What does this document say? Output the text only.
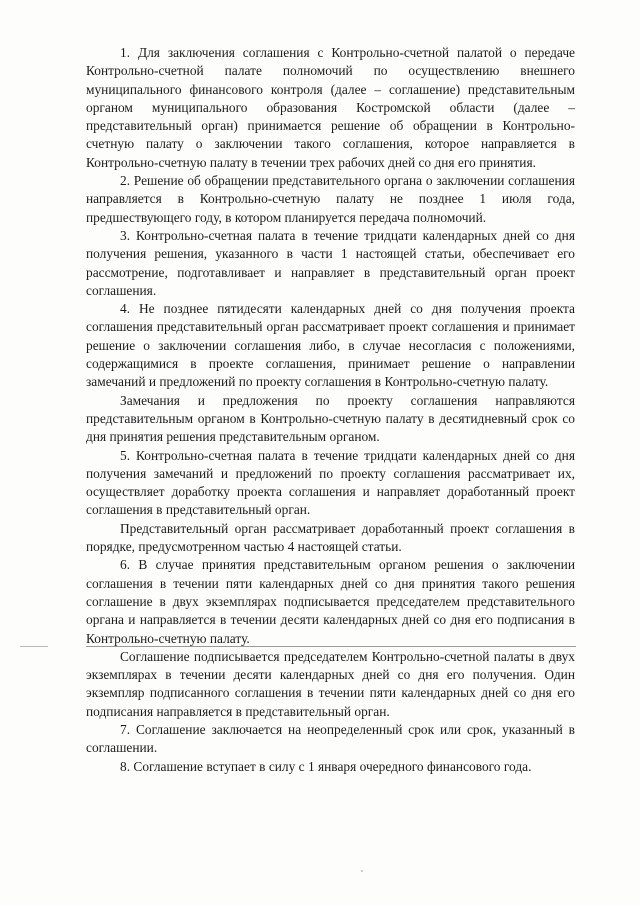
1. Для заключения соглашения с Контрольно-счетной палатой о передаче Контрольно-счетной палате полномочий по осуществлению внешнего муниципального финансового контроля (далее – соглашение) представительным органом муниципального образования Костромской области (далее – представительный орган) принимается решение об обращении в Контрольно-счетную палату о заключении такого соглашения, которое направляется в Контрольно-счетную палату в течении трех рабочих дней со дня его принятия.

2. Решение об обращении представительного органа о заключении соглашения направляется в Контрольно-счетную палату не позднее 1 июля года, предшествующего году, в котором планируется передача полномочий.

3. Контрольно-счетная палата в течение тридцати календарных дней со дня получения решения, указанного в части 1 настоящей статьи, обеспечивает его рассмотрение, подготавливает и направляет в представительный орган проект соглашения.

4. Не позднее пятидесяти календарных дней со дня получения проекта соглашения представительный орган рассматривает проект соглашения и принимает решение о заключении соглашения либо, в случае несогласия с положениями, содержащимися в проекте соглашения, принимает решение о направлении замечаний и предложений по проекту соглашения в Контрольно-счетную палату.

Замечания и предложения по проекту соглашения направляются представительным органом в Контрольно-счетную палату в десятидневный срок со дня принятия решения представительным органом.

5. Контрольно-счетная палата в течение тридцати календарных дней со дня получения замечаний и предложений по проекту соглашения рассматривает их, осуществляет доработку проекта соглашения и направляет доработанный проект соглашения в представительный орган.

Представительный орган рассматривает доработанный проект соглашения в порядке, предусмотренном частью 4 настоящей статьи.

6. В случае принятия представительным органом решения о заключении соглашения в течении пяти календарных дней со дня принятия такого решения соглашение в двух экземплярах подписывается председателем представительного органа и направляется в течении десяти календарных дней со дня его подписания в Контрольно-счетную палату.

Соглашение подписывается председателем Контрольно-счетной палаты в двух экземплярах в течении десяти календарных дней со дня его получения. Один экземпляр подписанного соглашения в течении пяти календарных дней со дня его подписания направляется в представительный орган.

7. Соглашение заключается на неопределенный срок или срок, указанный в соглашении.

8. Соглашение вступает в силу с 1 января очередного финансового года.
